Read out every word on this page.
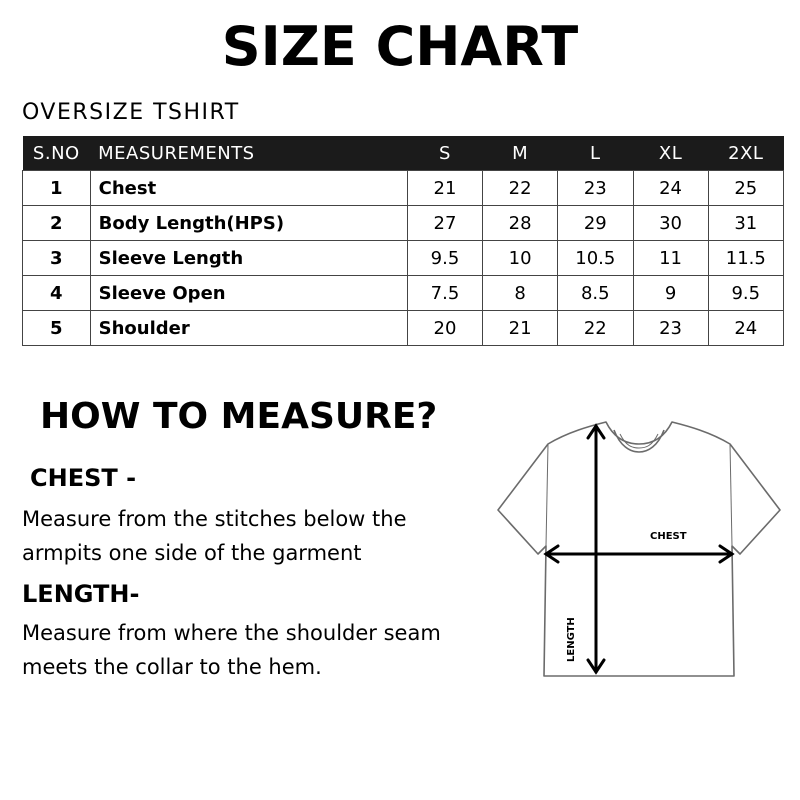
SIZE CHART
OVERSIZE TSHIRT
S.NO	MEASUREMENTS	S	M	L	XL	2XL
1	Chest	21	22	23	24	25
2	Body Length(HPS)	27	28	29	30	31
3	Sleeve Length	9.5	10	10.5	11	11.5
4	Sleeve Open	7.5	8	8.5	9	9.5
5	Shoulder	20	21	22	23	24
HOW TO MEASURE?
CHEST -
Measure from the stitches below the armpits one side of the garment
LENGTH-
Measure from where the shoulder seam meets the collar to the hem.
CHEST
LENGTH
